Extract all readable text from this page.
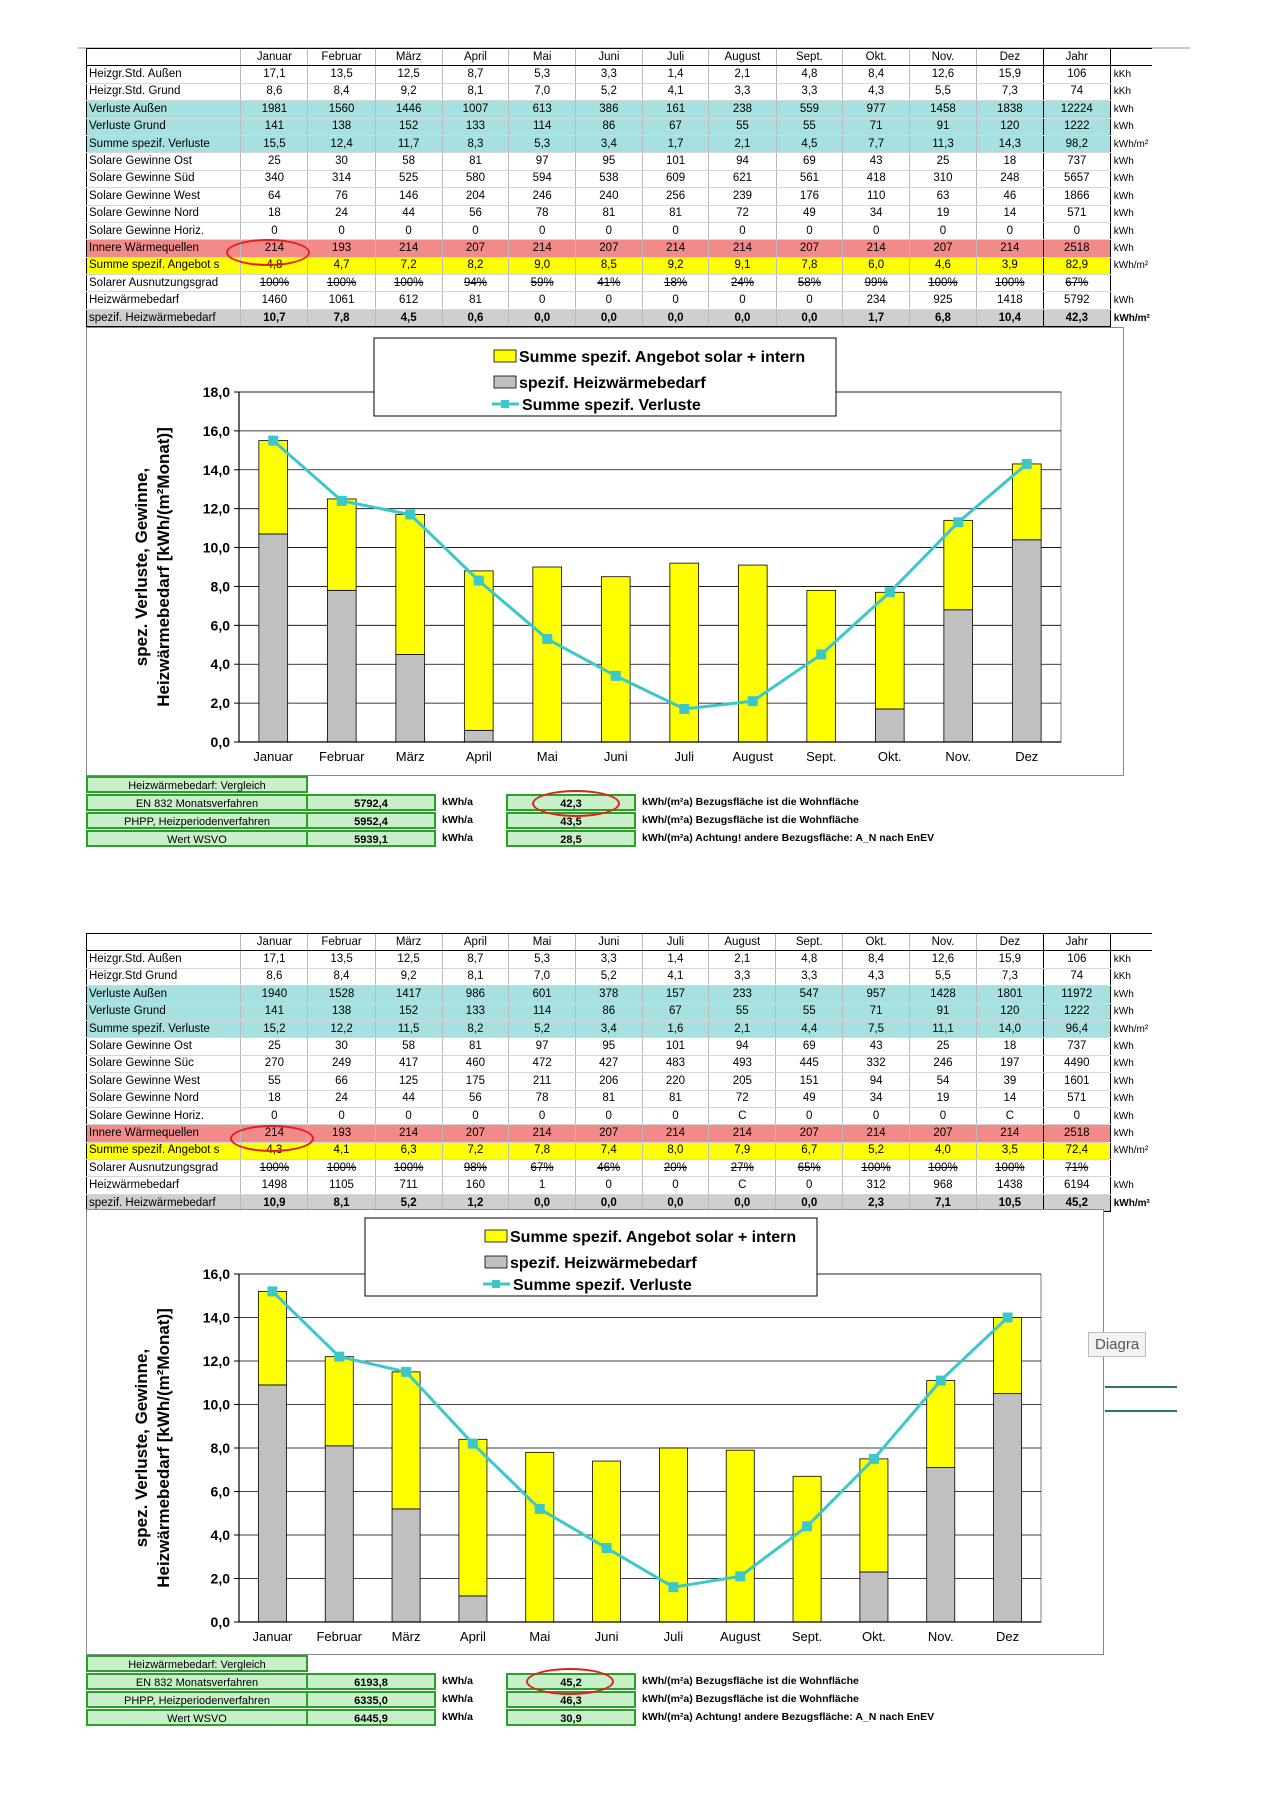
	Januar	Februar	März	April	Mai	Juni	Juli	August	Sept.	Okt.	Nov.	Dez	Jahr	
Heizgr.Std. Außen	17,1	13,5	12,5	8,7	5,3	3,3	1,4	2,1	4,8	8,4	12,6	15,9	106	kKh
Heizgr.Std. Grund	8,6	8,4	9,2	8,1	7,0	5,2	4,1	3,3	3,3	4,3	5,5	7,3	74	kKh
Verluste Außen	1981	1560	1446	1007	613	386	161	238	559	977	1458	1838	12224	kWh
Verluste Grund	141	138	152	133	114	86	67	55	55	71	91	120	1222	kWh
Summe spezif. Verluste	15,5	12,4	11,7	8,3	5,3	3,4	1,7	2,1	4,5	7,7	11,3	14,3	98,2	kWh/m²
Solare Gewinne Ost	25	30	58	81	97	95	101	94	69	43	25	18	737	kWh
Solare Gewinne Süd	340	314	525	580	594	538	609	621	561	418	310	248	5657	kWh
Solare Gewinne West	64	76	146	204	246	240	256	239	176	110	63	46	1866	kWh
Solare Gewinne Nord	18	24	44	56	78	81	81	72	49	34	19	14	571	kWh
Solare Gewinne Horiz.	0	0	0	0	0	0	0	0	0	0	0	0	0	kWh
Innere Wärmequellen	214	193	214	207	214	207	214	214	207	214	207	214	2518	kWh
Summe spezif. Angebot s	4,8	4,7	7,2	8,2	9,0	8,5	9,2	9,1	7,8	6,0	4,6	3,9	82,9	kWh/m²
Solarer Ausnutzungsgrad	100%	100%	100%	94%	59%	41%	18%	24%	58%	99%	100%	100%	67%	
Heizwärmebedarf	1460	1061	612	81	0	0	0	0	0	234	925	1418	5792	kWh
spezif. Heizwärmebedarf	10,7	7,8	4,5	0,6	0,0	0,0	0,0	0,0	0,0	1,7	6,8	10,4	42,3	kWh/m²
0,0
2,0
4,0
6,0
8,0
10,0
12,0
14,0
16,0
18,0
Januar Februar März	April	Mai	Juni	Juli	August	Sept.	Okt.	Nov.	Dez
spez. Verluste, Gewinne, Heizwärmebedarf [kWh/(m²Monat)]
Summe spezif. Angebot solar + intern
spezif. Heizwärmebedarf
Summe spezif. Verluste
Heizwärmebedarf: Vergleich
EN 832 Monatsverfahren	5792,4	kWh/a	42,3	kWh/(m²a) Bezugsfläche ist die Wohnfläche
PHPP, Heizperiodenverfahren	5952,4	kWh/a	43,5	kWh/(m²a) Bezugsfläche ist die Wohnfläche
Wert WSVO	5939,1	kWh/a	28,5	kWh/(m²a) Achtung! andere Bezugsfläche: A_N nach EnEV
	Januar	Februar	März	April	Mai	Juni	Juli	August	Sept.	Okt.	Nov.	Dez	Jahr	
Heizgr.Std. Außen	17,1	13,5	12,5	8,7	5,3	3,3	1,4	2,1	4,8	8,4	12,6	15,9	106	kKh
Heizgr.Std Grund	8,6	8,4	9,2	8,1	7,0	5,2	4,1	3,3	3,3	4,3	5,5	7,3	74	kKh
Verluste Außen	1940	1528	1417	986	601	378	157	233	547	957	1428	1801	11972	kWh
Verluste Grund	141	138	152	133	114	86	67	55	55	71	91	120	1222	kWh
Summe spezif. Verluste	15,2	12,2	11,5	8,2	5,2	3,4	1,6	2,1	4,4	7,5	11,1	14,0	96,4	kWh/m²
Solare Gewinne Ost	25	30	58	81	97	95	101	94	69	43	25	18	737	kWh
Solare Gewinne Süc	270	249	417	460	472	427	483	493	445	332	246	197	4490	kWh
Solare Gewinne West	55	66	125	175	211	206	220	205	151	94	54	39	1601	kWh
Solare Gewinne Nord	18	24	44	56	78	81	81	72	49	34	19	14	571	kWh
Solare Gewinne Horiz.	0	0	0	0	0	0	0	C	0	0	0	C	0	kWh
Innere Wärmequellen	214	193	214	207	214	207	214	214	207	214	207	214	2518	kWh
Summe spezif. Angebot s	4,3	4,1	6,3	7,2	7,8	7,4	8,0	7,9	6,7	5,2	4,0	3,5	72,4	kWh/m²
Solarer Ausnutzungsgrad	100%	100%	100%	98%	67%	46%	20%	27%	65%	100%	100%	100%	71%	
Heizwärmebedarf	1498	1105	711	160	1	0	0	C	0	312	968	1438	6194	kWh
spezif. Heizwärmebedarf	10,9	8,1	5,2	1,2	0,0	0,0	0,0	0,0	0,0	2,3	7,1	10,5	45,2	kWh/m²
0,0
2,0
4,0
6,0
8,0
10,0
12,0
14,0
16,0
Januar Februar März	April	Mai	Juni	Juli	August Sept.	Okt.	Nov.	Dez
spez. Verluste, Gewinne, Heizwärmebedarf [kWh/(m²Monat)]
Summe spezif. Angebot solar + intern
spezif. Heizwärmebedarf
Summe spezif. Verluste
Diagra
Heizwärmebedarf: Vergleich
EN 832 Monatsverfahren	6193,8	kWh/a	45,2	kWh/(m²a) Bezugsfläche ist die Wohnfläche
PHPP, Heizperiodenverfahren	6335,0	kWh/a	46,3	kWh/(m²a) Bezugsfläche ist die Wohnfläche
Wert WSVO	6445,9	kWh/a	30,9	kWh/(m²a) Achtung! andere Bezugsfläche: A_N nach EnEV
